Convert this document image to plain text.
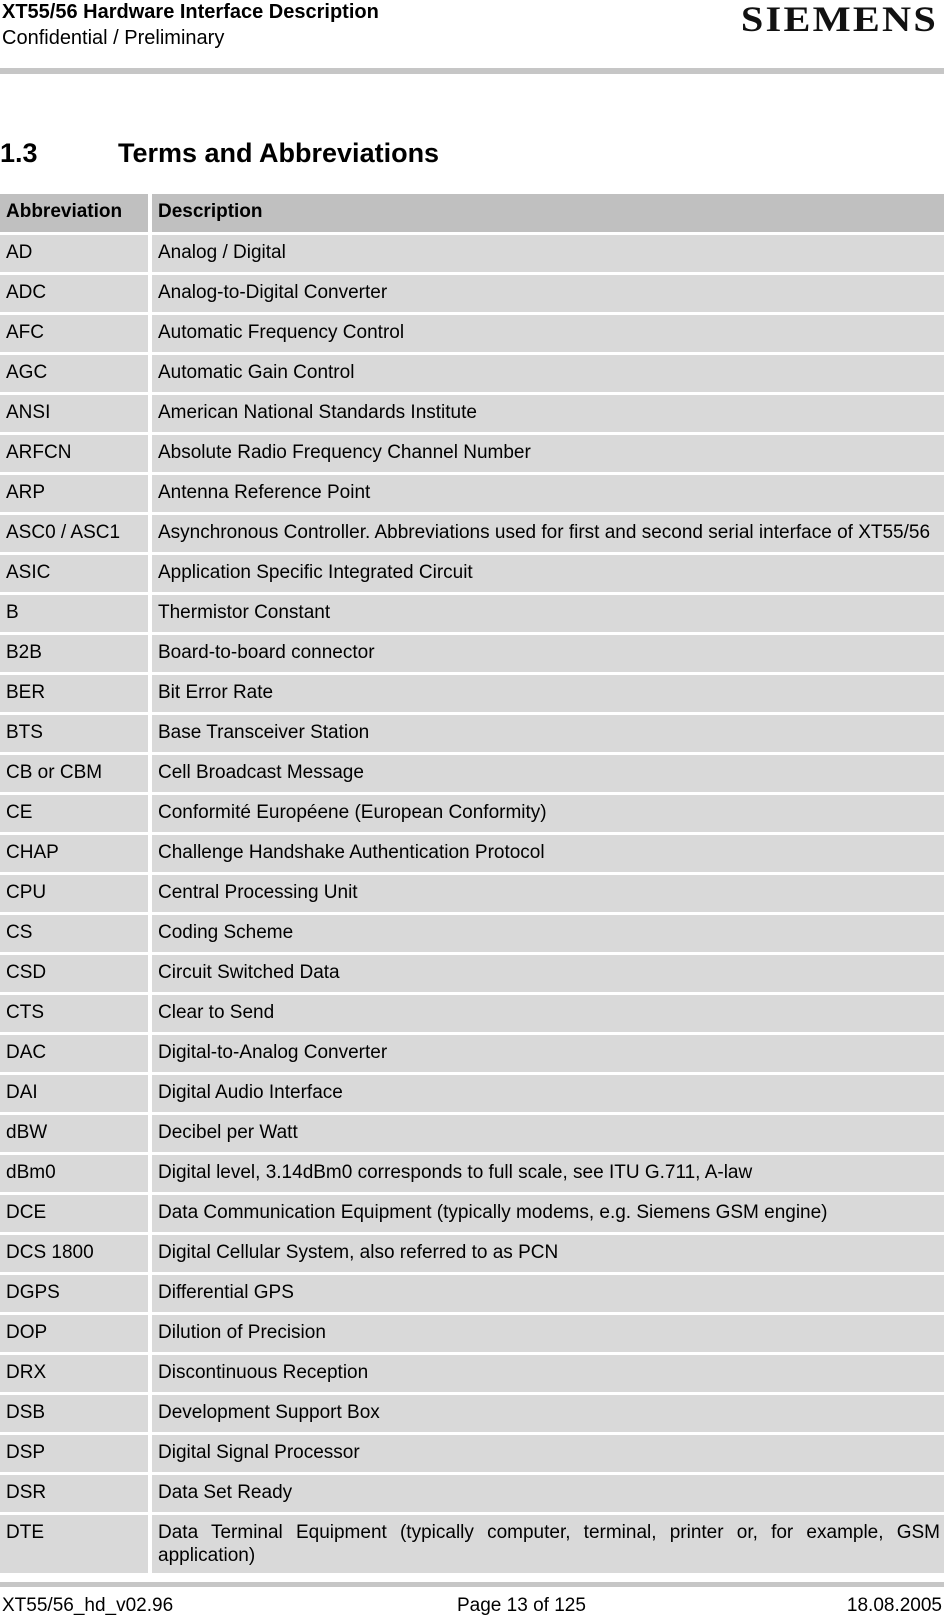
XT55/56 Hardware Interface Description
Confidential / Preliminary	SIEMENS
1.3	Terms and Abbreviations
Abbreviation	Description
AD	Analog / Digital
ADC	Analog-to-Digital Converter
AFC	Automatic Frequency Control
AGC	Automatic Gain Control
ANSI	American National Standards Institute
ARFCN	Absolute Radio Frequency Channel Number
ARP	Antenna Reference Point
ASC0 / ASC1	Asynchronous Controller. Abbreviations used for first and second serial interface of XT55/56
ASIC	Application Specific Integrated Circuit
B	Thermistor Constant
B2B	Board-to-board connector
BER	Bit Error Rate
BTS	Base Transceiver Station
CB or CBM	Cell Broadcast Message
CE	Conformité Européene (European Conformity)
CHAP	Challenge Handshake Authentication Protocol
CPU	Central Processing Unit
CS	Coding Scheme
CSD	Circuit Switched Data
CTS	Clear to Send
DAC	Digital-to-Analog Converter
DAI	Digital Audio Interface
dBW	Decibel per Watt
dBm0	Digital level, 3.14dBm0 corresponds to full scale, see ITU G.711, A-law
DCE	Data Communication Equipment (typically modems, e.g. Siemens GSM engine)
DCS 1800	Digital Cellular System, also referred to as PCN
DGPS	Differential GPS
DOP	Dilution of Precision
DRX	Discontinuous Reception
DSB	Development Support Box
DSP	Digital Signal Processor
DSR	Data Set Ready
DTE	Data Terminal Equipment (typically computer, terminal, printer or, for example, GSM application)
XT55/56_hd_v02.96	Page 13 of 125	18.08.2005
